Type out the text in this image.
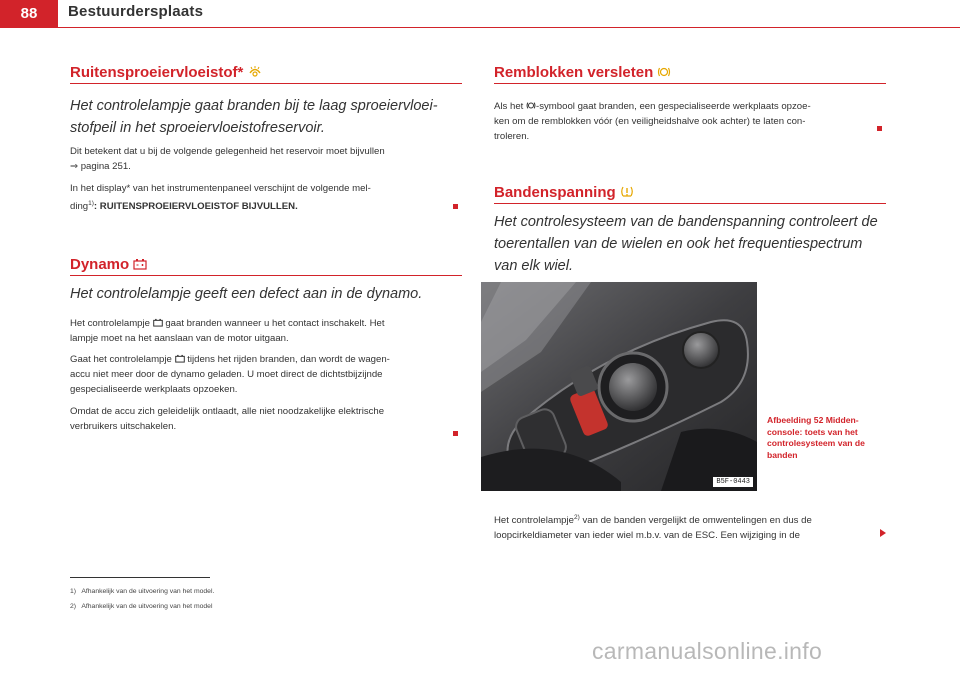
88	Bestuurdersplaats
Ruitensproeiervloeistof*
Het controlelampje gaat branden bij te laag sproeiervloei-
stofpeil in het sproeiervloeistofreservoir.
Dit betekent dat u bij de volgende gelegenheid het reservoir moet bijvullen
⇒ pagina 251.
In het display* van het instrumentenpaneel verschijnt de volgende mel-
ding$^{1)}$: RUITENSPROEIERVLOEISTOF BIJVULLEN.
Dynamo
Het controlelampje geeft een defect aan in de dynamo.
Het controlelampje gaat branden wanneer u het contact inschakelt. Het
lampje moet na het aanslaan van de motor uitgaan.
Gaat het controlelampje tijdens het rijden branden, dan wordt de wagen-
accu niet meer door de dynamo geladen. U moet direct de dichtstbijzijnde
gespecialiseerde werkplaats opzoeken.
Omdat de accu zich geleidelijk ontlaadt, alle niet noodzakelijke elektrische
verbruikers uitschakelen.
Remblokken versleten
Als het -symbool gaat branden, een gespecialiseerde werkplaats opzoe-
ken om de remblokken vóór (en veiligheidshalve ook achter) te laten con-
troleren.
Bandenspanning
Het controlesysteem van de bandenspanning controleert de
toerentallen van de wielen en ook het frequentiespectrum
van elk wiel.
B5F-0443
Afbeelding 52 Midden-
console: toets van het
controlesysteem van de
banden
Het controlelampje$^{2)}$ van de banden vergelijkt de omwentelingen en dus de
loopcirkeldiameter van ieder wiel m.b.v. van de ESC. Een wijziging in de
1) Afhankelijk van de uitvoering van het model.
2) Afhankelijk van de uitvoering van het model
carmanualsonline.info
